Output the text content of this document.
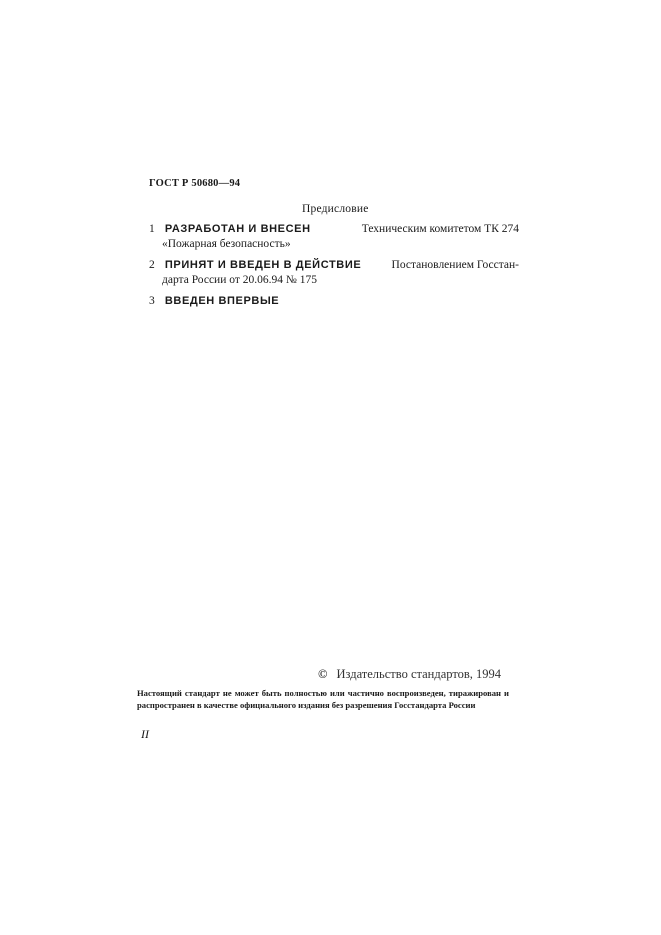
ГОСТ Р 50680—94
Предисловие
1 РАЗРАБОТАН И ВНЕСЕН	Техническим комитетом ТК 274
«Пожарная безопасность»
2 ПРИНЯТ И ВВЕДЕН В ДЕЙСТВИЕ	Постановлением Госстан-
дарта России от 20.06.94 № 175
3 ВВЕДЕН ВПЕРВЫЕ
© Издательство стандартов, 1994
Настоящий стандарт не может быть полностью или частично воспроизведен, тиражирован и распространен в качестве официального издания без разрешения Госстандарта России
II
